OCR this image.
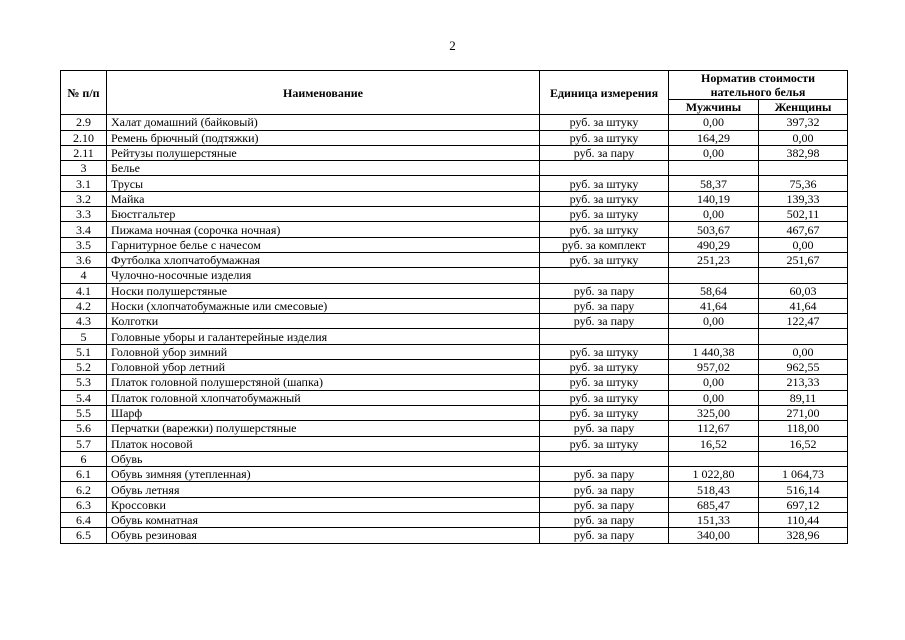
2
№ п/п	Наименование	Единица измерения	Норматив стоимости
нательного белья	
			Мужчины	Женщины
2.9	Халат домашний (байковый)	руб. за штуку	0,00	397,32
2.10	Ремень брючный (подтяжки)	руб. за штуку	164,29	0,00
2.11	Рейтузы полушерстяные	руб. за пару	0,00	382,98
3	Белье			
3.1	Трусы	руб. за штуку	58,37	75,36
3.2	Майка	руб. за штуку	140,19	139,33
3.3	Бюстгальтер	руб. за штуку	0,00	502,11
3.4	Пижама ночная (сорочка ночная)	руб. за штуку	503,67	467,67
3.5	Гарнитурное белье с начесом	руб. за комплект	490,29	0,00
3.6	Футболка хлопчатобумажная	руб. за штуку	251,23	251,67
4	Чулочно-носочные изделия			
4.1	Носки полушерстяные	руб. за пару	58,64	60,03
4.2	Носки (хлопчатобумажные или смесовые)	руб. за пару	41,64	41,64
4.3	Колготки	руб. за пару	0,00	122,47
5	Головные уборы и галантерейные изделия			
5.1	Головной убор зимний	руб. за штуку	1 440,38	0,00
5.2	Головной убор летний	руб. за штуку	957,02	962,55
5.3	Платок головной полушерстяной (шапка)	руб. за штуку	0,00	213,33
5.4	Платок головной хлопчатобумажный	руб. за штуку	0,00	89,11
5.5	Шарф	руб. за штуку	325,00	271,00
5.6	Перчатки (варежки) полушерстяные	руб. за пару	112,67	118,00
5.7	Платок носовой	руб. за штуку	16,52	16,52
6	Обувь			
6.1	Обувь зимняя (утепленная)	руб. за пару	1 022,80	1 064,73
6.2	Обувь летняя	руб. за пару	518,43	516,14
6.3	Кроссовки	руб. за пару	685,47	697,12
6.4	Обувь комнатная	руб. за пару	151,33	110,44
6.5	Обувь резиновая	руб. за пару	340,00	328,96
